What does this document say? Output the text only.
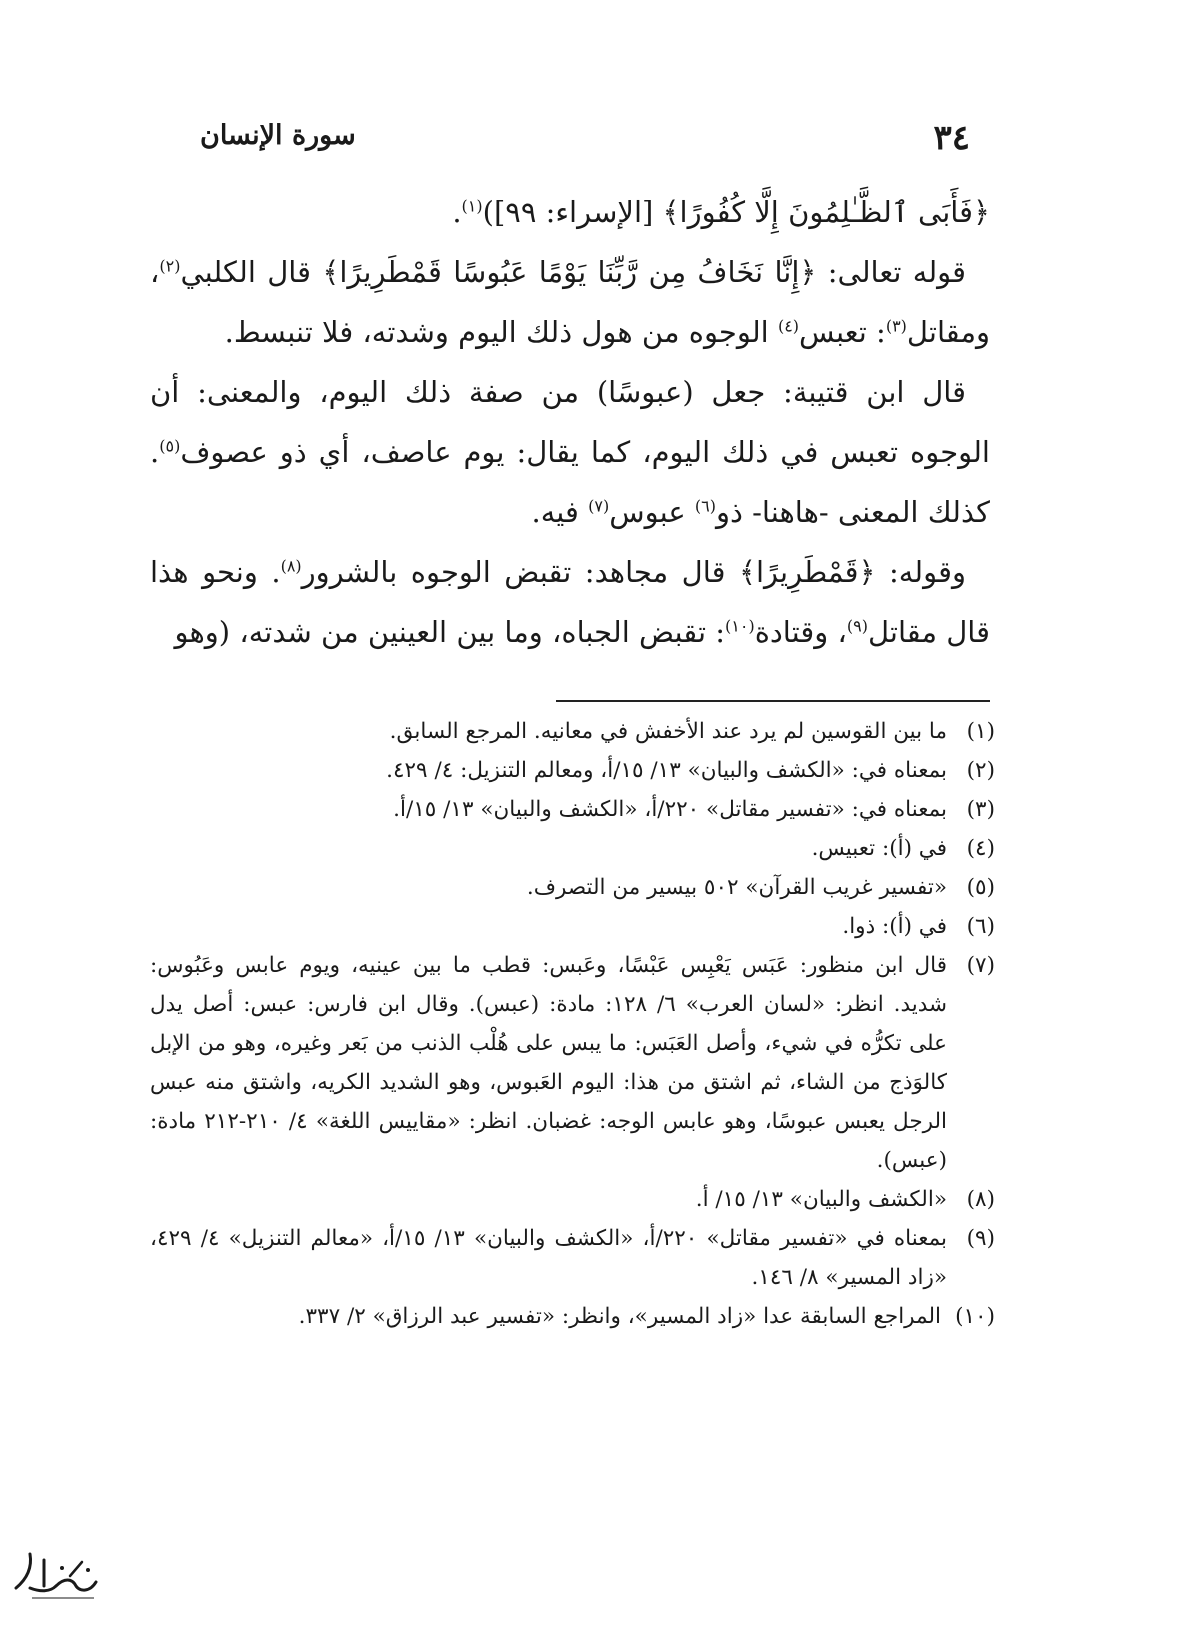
٣٤
سورة الإنسان

﴿فَأَبَى ٱلظَّـٰلِمُونَ إِلَّا كُفُورًا﴾ [الإسراء: ٩٩])$^{(١)}$.

قوله تعالى: ﴿إِنَّا نَخَافُ مِن رَّبِّنَا يَوْمًا عَبُوسًا قَمْطَرِيرًا﴾ قال الكلبي$^{(٢)}$، ومقاتل$^{(٣)}$: تعبس$^{(٤)}$ الوجوه من هول ذلك اليوم وشدته، فلا تنبسط.

قال ابن قتيبة: جعل (عبوسًا) من صفة ذلك اليوم، والمعنى: أن الوجوه تعبس في ذلك اليوم، كما يقال: يوم عاصف، أي ذو عصوف$^{(٥)}$. كذلك المعنى -هاهنا- ذو$^{(٦)}$ عبوس$^{(٧)}$ فيه.

وقوله: ﴿قَمْطَرِيرًا﴾ قال مجاهد: تقبض الوجوه بالشرور$^{(٨)}$. ونحو هذا قال مقاتل$^{(٩)}$، وقتادة$^{(١٠)}$: تقبض الجباه، وما بين العينين من شدته، (وهو

(١)
ما بين القوسين لم يرد عند الأخفش في معانيه. المرجع السابق.
(٢)
بمعناه في: «الكشف والبيان» ١٣/ ١٥/أ، ومعالم التنزيل: ٤/ ٤٢٩.
(٣)
بمعناه في: «تفسير مقاتل» ٢٢٠/أ، «الكشف والبيان» ١٣/ ١٥/أ.
(٤)
في (أ): تعبيس.
(٥)
«تفسير غريب القرآن» ٥٠٢ بيسير من التصرف.
(٦)
في (أ): ذوا.
(٧)
قال ابن منظور: عَبَس يَعْبِس عَبْسًا، وعَبس: قطب ما بين عينيه، ويوم عابس وعَبُوس: شديد. انظر: «لسان العرب» ٦/ ١٢٨: مادة: (عبس). وقال ابن فارس: عبس: أصل يدل على تكرُّه في شيء، وأصل العَبَس: ما يبس على هُلْب الذنب من بَعر وغيره، وهو من الإبل كالوَذج من الشاء، ثم اشتق من هذا: اليوم العَبوس، وهو الشديد الكريه، واشتق منه عبس الرجل يعبس عبوسًا، وهو عابس الوجه: غضبان. انظر: «مقاييس اللغة» ٤/ ٢١٠-٢١٢ مادة: (عبس).
(٨)
«الكشف والبيان» ١٣/ ١٥/ أ.
(٩)
بمعناه في «تفسير مقاتل» ٢٢٠/أ، «الكشف والبيان» ١٣/ ١٥/أ، «معالم التنزيل» ٤/ ٤٢٩، «زاد المسير» ٨/ ١٤٦.
(١٠)
المراجع السابقة عدا «زاد المسير»، وانظر: «تفسير عبد الرزاق» ٢/ ٣٣٧.
